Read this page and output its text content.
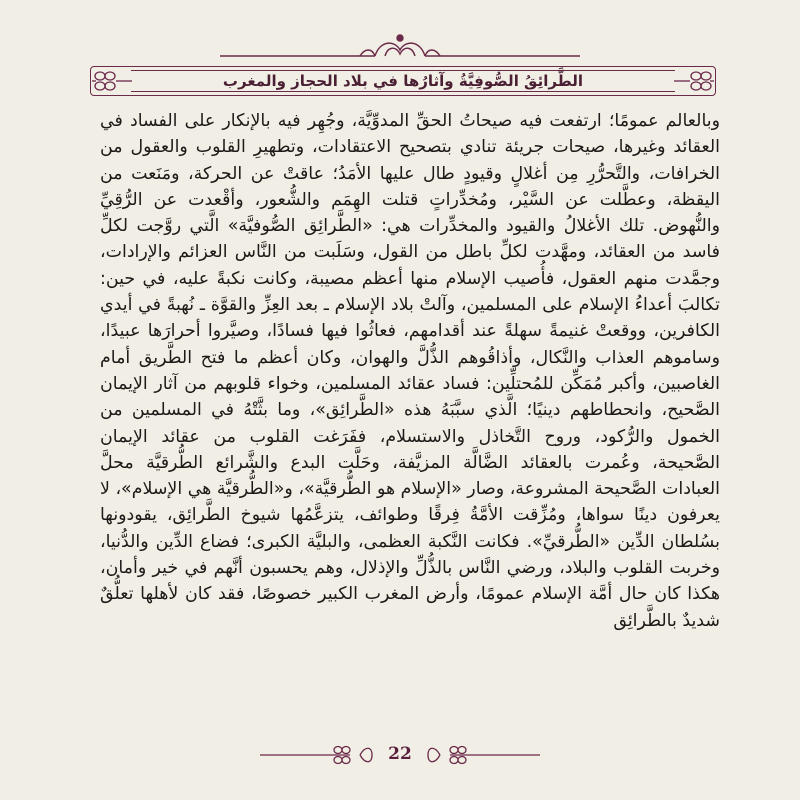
الطَّرائِقُ الصُّوفِيَّةُ وآثارُها في بلاد الحجاز والمغرب

وبالعالم عمومًا؛ ارتفعت فيه صيحاتُ الحقِّ المدوِّيَّة، وجُهِر فيه بالإنكار على الفساد في العقائد وغيرها، صيحات جريئة تنادي بتصحيح الاعتقادات، وتطهيرِ القلوب والعقول من الخرافات، والتَّحرُّرِ مِن أغلالٍ وقيودٍ طال عليها الأمَدُ؛ عاقتْ عن الحركة، ومَنَعت من اليقظة، وعطَّلت عن السَّيْر، ومُخدِّراتٍ قتلت الهِمَم والشُّعور، وأقْعدت عن الرُّقِيِّ والنُّهوض. تلك الأغلالُ والقيود والمخدِّرات هي: «الطَّرائِق الصُّوفيَّة» الَّتي روَّجت لكلِّ فاسد من العقائد، ومهَّدت لكلِّ باطل من القول، وسَلَبت من النَّاس العزائم والإرادات، وجمَّدت منهم العقول، فأُصيب الإسلام منها أعظم مصيبة، وكانت نكبةً عليه، في حين: تكالبَ أعداءُ الإسلام على المسلمين، وآلتْ بلاد الإسلام ـ بعد العِزِّ والقوَّة ـ نُهبةً في أيدي الكافرين، ووقعتْ غنيمةً سهلةً عند أقدامهم، فعاثُوا فيها فسادًا، وصيَّروا أحرارَها عبيدًا، وساموهم العذاب والنَّكال، وأذاقُوهم الذُّلَّ والهوان، وكان أعظم ما فتح الطَّريق أمام الغاصبين، وأكبر مُمَكِّن للمُحتلِّين: فساد عقائد المسلمين، وخواء قلوبهم من آثار الإيمان الصَّحيح، وانحطاطهم دينيًا؛ الَّذي سبَّبَهُ هذه «الطَّرائِق»، وما بثَّتْهُ في المسلمين من الخمول والرُّكود، وروح التَّخاذل والاستسلام، ففَرَغت القلوب من عقائد الإيمان الصَّحيحة، وعُمرت بالعقائد الضَّالَّة المزيَّفة، وحَلَّت البدع والشَّرائع الطُّرقيَّة محلَّ العبادات الصَّحيحة المشروعة، وصار «الإسلام هو الطُّرقيَّة»، و«الطُّرقيَّة هي الإسلام»، لا يعرفون دينًا سواها، ومُزِّقت الأمَّةُ فِرقًا وطوائف، يتزعَّمُها شيوخ الطَّرائِق، يقودونها بسُلطان الدِّين «الطُّرقيِّ». فكانت النَّكبة العظمى، والبليَّة الكبرى؛ فضاع الدِّين والدُّنيا، وخربت القلوب والبلاد، ورضي النَّاس بالذُّلِّ والإذلال، وهم يحسبون أنَّهم في خير وأمان، هكذا كان حال أمَّة الإسلام عمومًا، وأرض المغرب الكبير خصوصًا، فقد كان لأهلها تعلُّقٌ شديدٌ بالطَّرائِق

22
